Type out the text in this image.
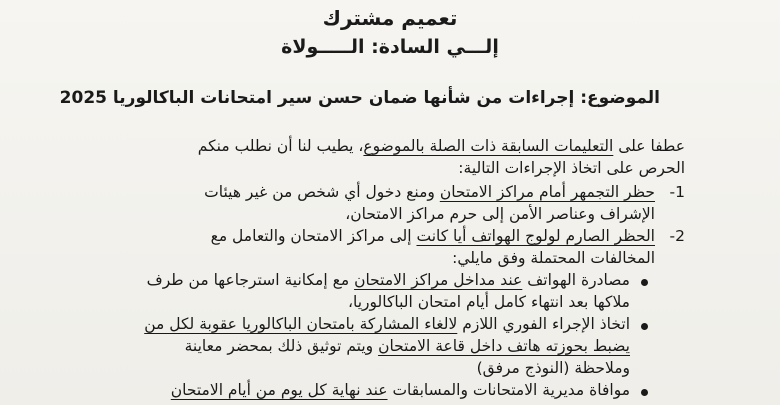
تعميم مشترك
إلـــي السادة: الـــــولاة
الموضوع: إجراءات من شأنها ضمان حسن سير امتحانات الباكالوريا 2025
عطفا على التعليمات السابقة ذات الصلة بالموضوع، يطيب لنا أن نطلب منكم
الحرص على اتخاذ الإجراءات التالية:
1-حظر التجمهر أمام مراكز الامتحان ومنع دخول أي شخص من غير هيئات
الإشراف وعناصر الأمن إلى حرم مراكز الامتحان،
2-الحظر الصارم لولوج الهواتف أيا كانت إلى مراكز الامتحان والتعامل مع
المخالفات المحتملة وفق مايلي:
مصادرة الهواتف عند مداخل مراكز الامتحان مع إمكانية استرجاعها من طرف
ملاكها بعد انتهاء كامل أيام امتحان الباكالوريا،
اتخاذ الإجراء الفوري اللازم لالغاء المشاركة بامتحان الباكالوريا عقوبة لكل من
يضبط بحوزته هاتف داخل قاعة الامتحان ويتم توثيق ذلك بمحضر معاينة
وملاحظة (النوذج مرفق)
موافاة مديرية الامتحانات والمسابقات عند نهاية كل يوم من أيام الامتحان
